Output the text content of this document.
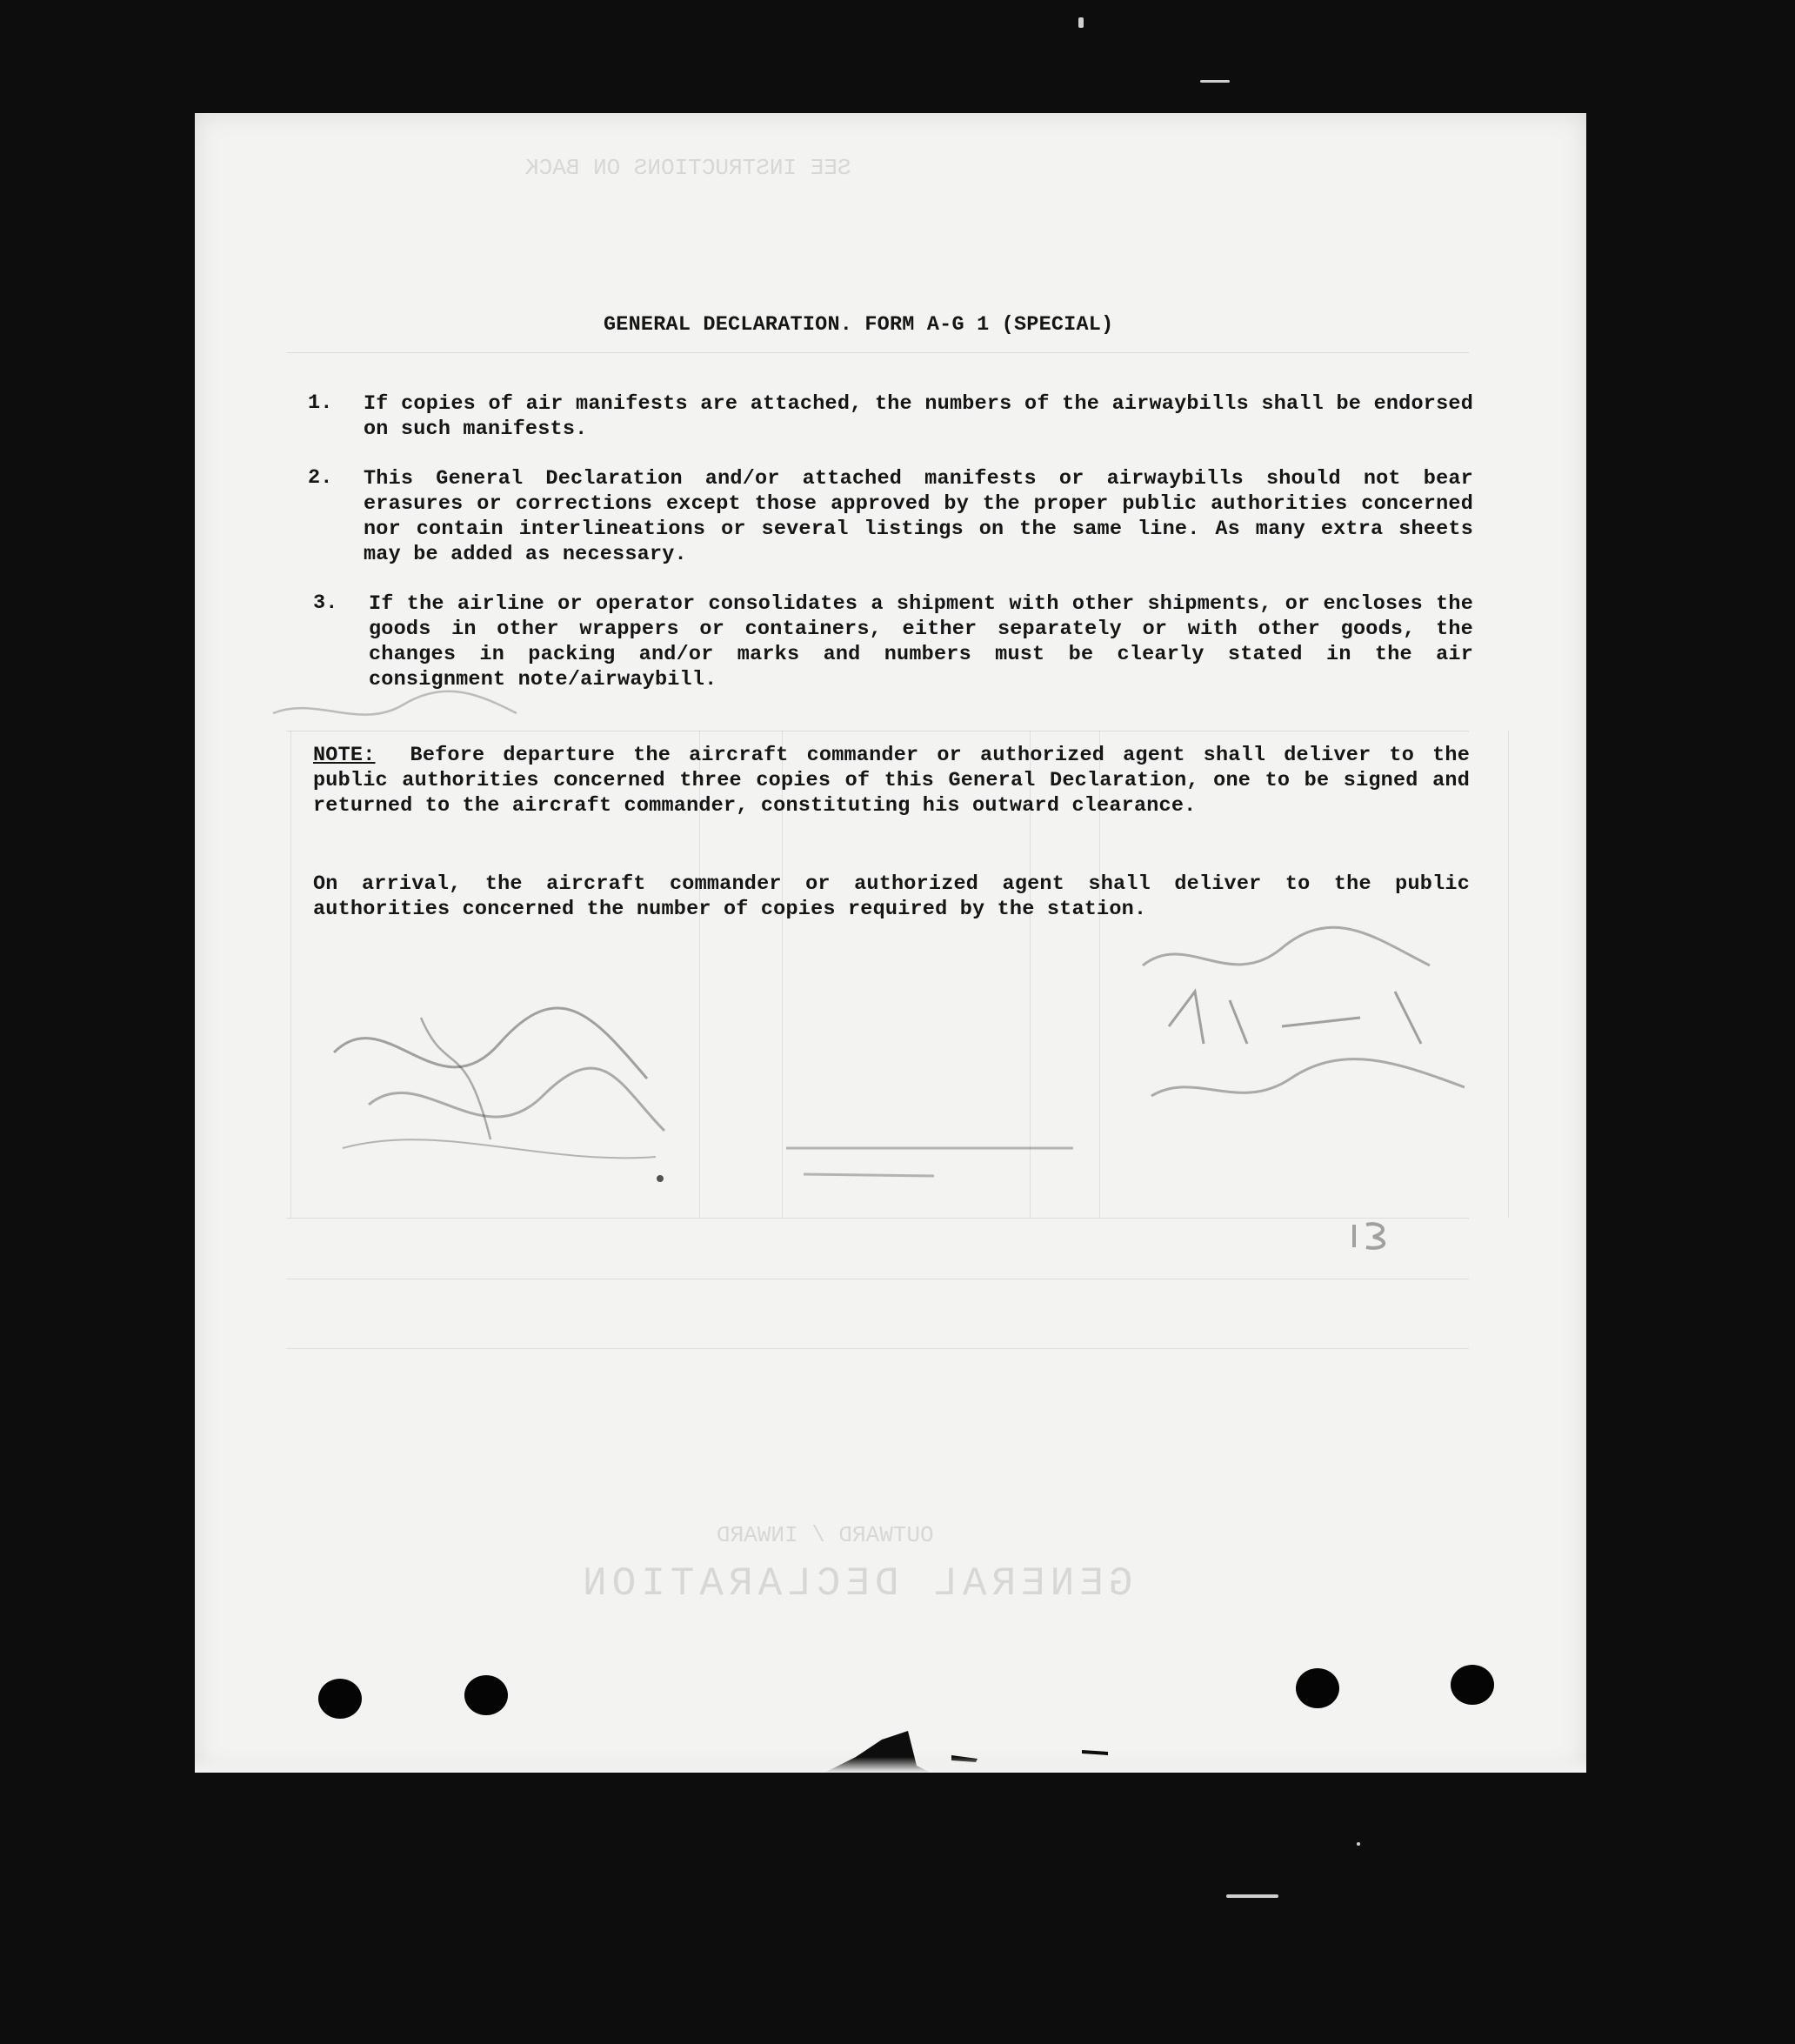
SEE INSTRUCTIONS ON BACK
GENERAL DECLARATION
OUTWARD / INWARD
GENERAL DECLARATION. FORM A-G 1 (SPECIAL)
1. If copies of air manifests are attached, the numbers of the airwaybills shall be endorsed on such manifests.
2. This General Declaration and/or attached manifests or airwaybills should not bear erasures or corrections except those approved by the proper public authorities concerned nor contain interlineations or several listings on the same line. As many extra sheets may be added as necessary.
3. If the airline or operator consolidates a shipment with other shipments, or encloses the goods in other wrappers or containers, either separately or with other goods, the changes in packing and/or marks and numbers must be clearly stated in the air consignment note/airwaybill.
NOTE: Before departure the aircraft commander or authorized agent shall deliver to the public authorities concerned three copies of this General Declaration, one to be signed and returned to the aircraft commander, constituting his outward clearance.
On arrival, the aircraft commander or authorized agent shall deliver to the public authorities concerned the number of copies required by the station.
